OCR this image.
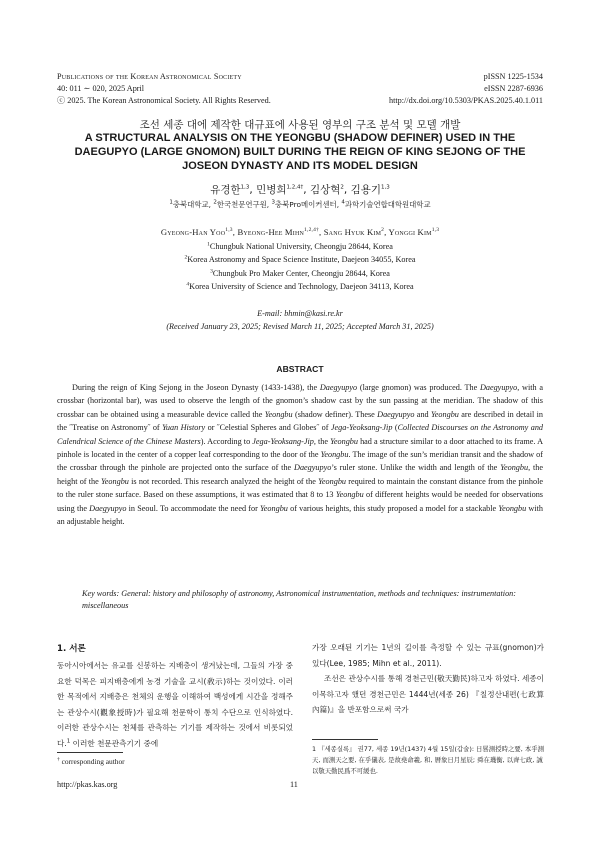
Publications of the Korean Astronomical Society
40: 011 ∼ 020, 2025 April
ⓒ 2025. The Korean Astronomical Society. All Rights Reserved.
pISSN 1225-1534
eISSN 2287-6936
http://dx.doi.org/10.5303/PKAS.2025.40.1.011
조선 세종 대에 제작한 대규표에 사용된 영부의 구조 분석 및 모델 개발
A STRUCTURAL ANALYSIS ON THE YEONGBU (SHADOW DEFINER) USED IN THE
DAEGUPYO (LARGE GNOMON) BUILT DURING THE REIGN OF KING SEJONG OF THE
JOSEON DYNASTY AND ITS MODEL DESIGN
유경한$^{1,3}$, 민병희$^{1,2,4\dagger}$, 김상혁$^2$, 김용기$^{1,3}$
$^1$충북대학교, $^2$한국천문연구원, $^3$충북Pro메이커센터, $^4$과학기술연합대학원대학교
Gyeong-Han Yoo$^{1,3}$, Byeong-Hee Mihn$^{1,2,4\dagger}$, Sang Hyuk Kim$^2$, Yonggi Kim$^{1,3}$
$^1$Chungbuk National University, Cheongju 28644, Korea
$^2$Korea Astronomy and Space Science Institute, Daejeon 34055, Korea
$^3$Chungbuk Pro Maker Center, Cheongju 28644, Korea
$^4$Korea University of Science and Technology, Daejeon 34113, Korea
E-mail: bhmin@kasi.re.kr
(Received January 23, 2025; Revised March 11, 2025; Accepted March 31, 2025)
ABSTRACT
During the reign of King Sejong in the Joseon Dynasty (1433-1438), the Daegyupyo (large gnomon) was produced. The Daegyupyo, with a crossbar (horizontal bar), was used to observe the length of the gnomon’s shadow cast by the sun passing at the meridian. The shadow of this crossbar can be obtained using a measurable device called the Yeongbu (shadow definer). These Daegyupyo and Yeongbu are described in detail in the ˝Treatise on Astronomy˝ of Yuan History or ˝Celestial Spheres and Globes˝ of Jega-Yeoksang-Jip (Collected Discourses on the Astronomy and Calendrical Science of the Chinese Masters). According to Jega-Yeoksang-Jip, the Yeongbu had a structure similar to a door attached to its frame. A pinhole is located in the center of a copper leaf corresponding to the door of the Yeongbu. The image of the sun’s meridian transit and the shadow of the crossbar through the pinhole are projected onto the surface of the Daegyupyo’s ruler stone. Unlike the width and length of the Yeongbu, the height of the Yeongbu is not recorded. This research analyzed the height of the Yeongbu required to maintain the constant distance from the pinhole to the ruler stone surface. Based on these assumptions, it was estimated that 8 to 13 Yeongbu of different heights would be needed for observations using the Daegyupyo in Seoul. To accommodate the need for Yeongbu of various heights, this study proposed a model for a stackable Yeongbu with an adjustable height.
Key words: General: history and philosophy of astronomy, Astronomical instrumentation, methods and techniques: instrumentation: miscellaneous
1. 서론

동아시아에서는 유교를 신봉하는 지배층이 생겨났는데, 그들의 가장 중요한 덕목은 피지배층에게 농경 기술을 교시(敎示)하는 것이었다. 이러한 목적에서 지배층은 천체의 운행을 이해하여 백성에게 시간을 정해주는 관상수시(觀象授時)가 필요해 천문학이 통치 수단으로 인식하였다. 이러한 관상수시는 천체를 관측하는 기기를 제작하는 것에서 비롯되었다.$^1$ 이러한 천문관측기기 중에

가장 오래된 기기는 1년의 길이를 측정할 수 있는 규표(gnomon)가 있다(Lee, 1985; Mihn et al., 2011).

조선은 관상수시를 통해 경천근민(敬天勤民)하고자 하였다. 세종이 이목하고자 했던 경천근민은 1444년(세종 26) 『칠정산내편(七政算內篇)』을 반포함으로써 국가

† corresponding author
1 『세종실록』 권77, 세종 19년(1437) 4월 15일(갑술): 日晷測授時之要, 本乎測天, 而測天之要, 在乎儀表, 是故堯命羲, 和, 暦象日月星辰; 舜在璣衡, 以齊七政, 誠以敬天勤民爲不可緩也.
http://pkas.kas.org	11
